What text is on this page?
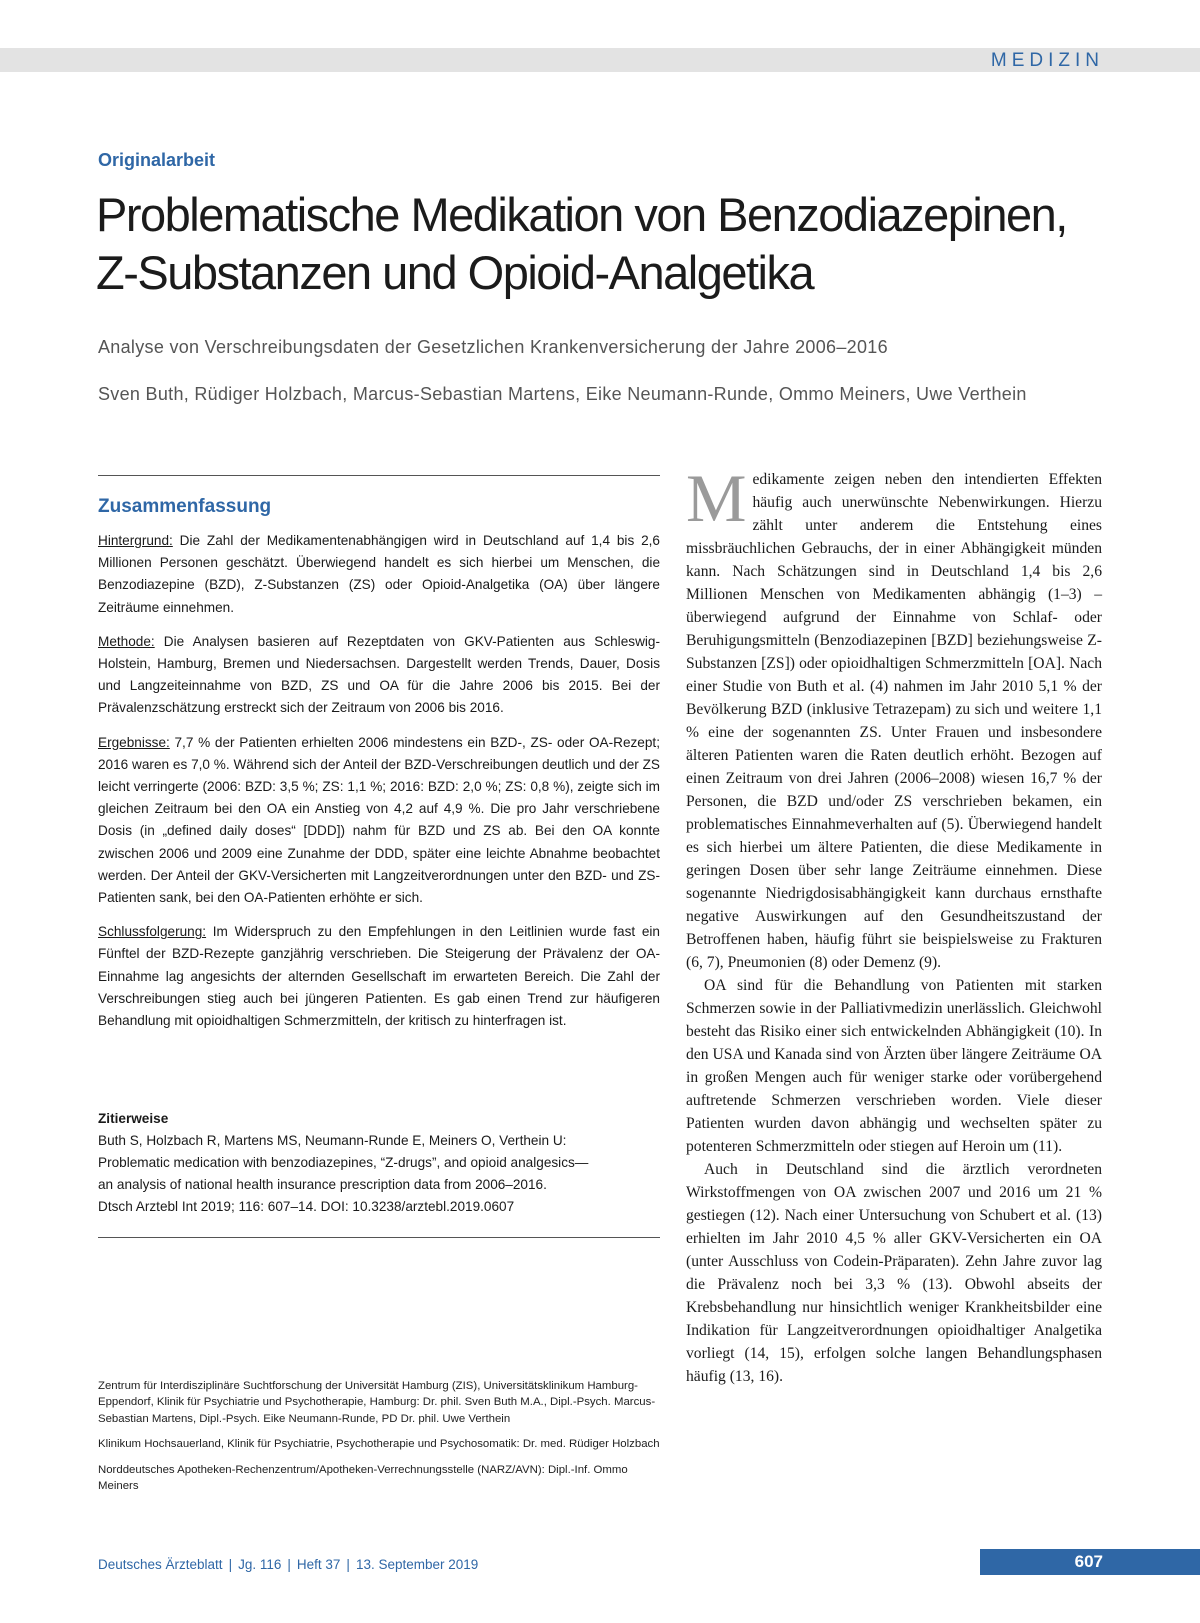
MEDIZIN
Originalarbeit
Problematische Medikation von Benzodiazepinen, Z-Substanzen und Opioid-Analgetika
Analyse von Verschreibungsdaten der Gesetzlichen Krankenversicherung der Jahre 2006–2016
Sven Buth, Rüdiger Holzbach, Marcus-Sebastian Martens, Eike Neumann-Runde, Ommo Meiners, Uwe Verthein
Zusammenfassung

Hintergrund: Die Zahl der Medikamentenabhängigen wird in Deutschland auf 1,4 bis 2,6 Millionen Personen geschätzt. Überwiegend handelt es sich hierbei um Menschen, die Benzodiazepine (BZD), Z-Substanzen (ZS) oder Opioid-Analgetika (OA) über längere Zeiträume einnehmen.

Methode: Die Analysen basieren auf Rezeptdaten von GKV-Patienten aus Schleswig-Holstein, Hamburg, Bremen und Niedersachsen. Dargestellt werden Trends, Dauer, Dosis und Langzeiteinnahme von BZD, ZS und OA für die Jahre 2006 bis 2015. Bei der Prävalenzschätzung erstreckt sich der Zeitraum von 2006 bis 2016.

Ergebnisse: 7,7 % der Patienten erhielten 2006 mindestens ein BZD-, ZS- oder OA-Rezept; 2016 waren es 7,0 %. Während sich der Anteil der BZD-Verschreibungen deutlich und der ZS leicht verringerte (2006: BZD: 3,5 %; ZS: 1,1 %; 2016: BZD: 2,0 %; ZS: 0,8 %), zeigte sich im gleichen Zeitraum bei den OA ein Anstieg von 4,2 auf 4,9 %. Die pro Jahr verschriebene Dosis (in „defined daily doses“ [DDD]) nahm für BZD und ZS ab. Bei den OA konnte zwischen 2006 und 2009 eine Zunahme der DDD, später eine leichte Abnahme beobachtet werden. Der Anteil der GKV-Versicherten mit Langzeitverordnungen unter den BZD- und ZS-Patienten sank, bei den OA-Patienten erhöhte er sich.

Schlussfolgerung: Im Widerspruch zu den Empfehlungen in den Leitlinien wurde fast ein Fünftel der BZD-Rezepte ganzjährig verschrieben. Die Steigerung der Prävalenz der OA-Einnahme lag angesichts der alternden Gesellschaft im erwarteten Bereich. Die Zahl der Verschreibungen stieg auch bei jüngeren Patienten. Es gab einen Trend zur häufigeren Behandlung mit opioidhaltigen Schmerzmitteln, der kritisch zu hinterfragen ist.

Zitierweise
Buth S, Holzbach R, Martens MS, Neumann-Runde E, Meiners O, Verthein U:
Problematic medication with benzodiazepines, “Z-drugs”, and opioid analgesics—
an analysis of national health insurance prescription data from 2006–2016.
Dtsch Arztebl Int 2019; 116: 607–14. DOI: 10.3238/arztebl.2019.0607

Zentrum für Interdisziplinäre Suchtforschung der Universität Hamburg (ZIS), Universitätsklinikum Hamburg-Eppendorf, Klinik für Psychiatrie und Psychotherapie, Hamburg: Dr. phil. Sven Buth M.A., Dipl.-Psych. Marcus-Sebastian Martens, Dipl.-Psych. Eike Neumann-Runde, PD Dr. phil. Uwe Verthein

Klinikum Hochsauerland, Klinik für Psychiatrie, Psychotherapie und Psychosomatik: Dr. med. Rüdiger Holzbach

Norddeutsches Apotheken-Rechenzentrum/Apotheken-Verrechnungsstelle (NARZ/AVN): Dipl.-Inf. Ommo Meiners

Medikamente zeigen neben den intendierten Effekten häufig auch unerwünschte Nebenwirkungen. Hierzu zählt unter anderem die Entstehung eines missbräuchlichen Gebrauchs, der in einer Abhängigkeit münden kann. Nach Schätzungen sind in Deutschland 1,4 bis 2,6 Millionen Menschen von Medikamenten abhängig (1–3) – überwiegend aufgrund der Einnahme von Schlaf- oder Beruhigungsmitteln (Benzodiazepinen [BZD] beziehungsweise Z-Substanzen [ZS]) oder opioidhaltigen Schmerzmitteln [OA]. Nach einer Studie von Buth et al. (4) nahmen im Jahr 2010 5,1 % der Bevölkerung BZD (inklusive Tetrazepam) zu sich und weitere 1,1 % eine der sogenannten ZS. Unter Frauen und insbesondere älteren Patienten waren die Raten deutlich erhöht. Bezogen auf einen Zeitraum von drei Jahren (2006–2008) wiesen 16,7 % der Personen, die BZD und/oder ZS verschrieben bekamen, ein problematisches Einnahmeverhalten auf (5). Überwiegend handelt es sich hierbei um ältere Patienten, die diese Medikamente in geringen Dosen über sehr lange Zeiträume einnehmen. Diese sogenannte Niedrigdosisabhängigkeit kann durchaus ernsthafte negative Auswirkungen auf den Gesundheitszustand der Betroffenen haben, häufig führt sie beispielsweise zu Frakturen (6, 7), Pneumonien (8) oder Demenz (9).

OA sind für die Behandlung von Patienten mit starken Schmerzen sowie in der Palliativmedizin unerlässlich. Gleichwohl besteht das Risiko einer sich entwickelnden Abhängigkeit (10). In den USA und Kanada sind von Ärzten über längere Zeiträume OA in großen Mengen auch für weniger starke oder vorübergehend auftretende Schmerzen verschrieben worden. Viele dieser Patienten wurden davon abhängig und wechselten später zu potenteren Schmerzmitteln oder stiegen auf Heroin um (11).

Auch in Deutschland sind die ärztlich verordneten Wirkstoffmengen von OA zwischen 2007 und 2016 um 21 % gestiegen (12). Nach einer Untersuchung von Schubert et al. (13) erhielten im Jahr 2010 4,5 % aller GKV-Versicherten ein OA (unter Ausschluss von Codein-Präparaten). Zehn Jahre zuvor lag die Prävalenz noch bei 3,3 % (13). Obwohl abseits der Krebsbehandlung nur hinsichtlich weniger Krankheitsbilder eine Indikation für Langzeitverordnungen opioidhaltiger Analgetika vorliegt (14, 15), erfolgen solche langen Behandlungsphasen häufig (13, 16).

Deutsches Ärzteblatt | Jg. 116 | Heft 37 | 13. September 2019	607
